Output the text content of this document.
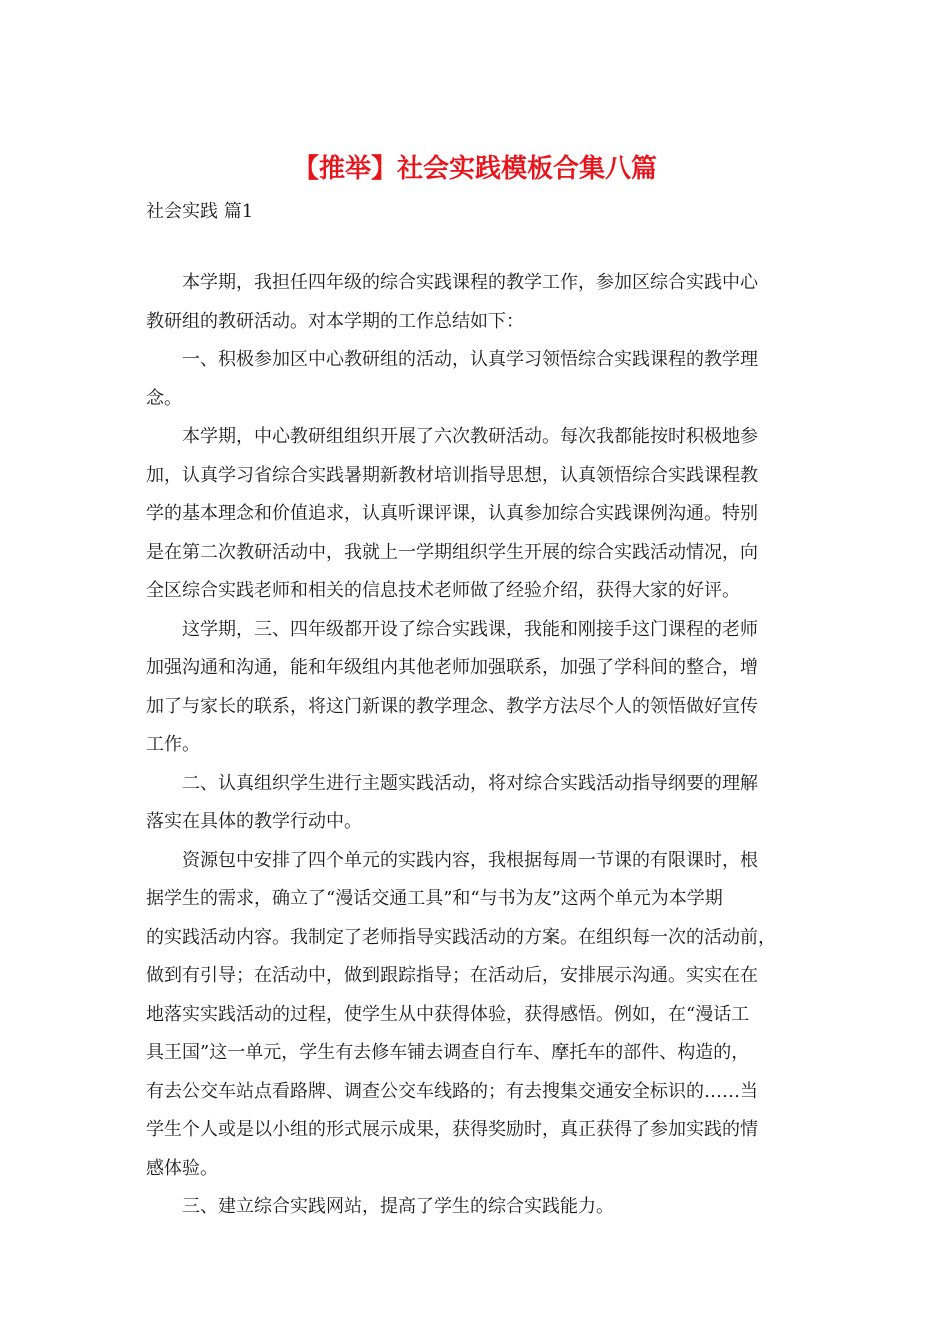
【推举】社会实践模板合集八篇

社会实践 篇1

本学期，我担任四年级的综合实践课程的教学工作，参加区综合实践中心
教研组的教研活动。对本学期的工作总结如下：

一、积极参加区中心教研组的活动，认真学习领悟综合实践课程的教学理
念。

本学期，中心教研组组织开展了六次教研活动。每次我都能按时积极地参
加，认真学习省综合实践暑期新教材培训指导思想，认真领悟综合实践课程教
学的基本理念和价值追求，认真听课评课，认真参加综合实践课例沟通。特别
是在第二次教研活动中，我就上一学期组织学生开展的综合实践活动情况，向
全区综合实践老师和相关的信息技术老师做了经验介绍，获得大家的好评。

这学期，三、四年级都开设了综合实践课，我能和刚接手这门课程的老师
加强沟通和沟通，能和年级组内其他老师加强联系，加强了学科间的整合，增
加了与家长的联系，将这门新课的教学理念、教学方法尽个人的领悟做好宣传
工作。

二、认真组织学生进行主题实践活动，将对综合实践活动指导纲要的理解
落实在具体的教学行动中。

资源包中安排了四个单元的实践内容，我根据每周一节课的有限课时，根
据学生的需求，确立了“漫话交通工具”和“与书为友”这两个单元为本学期
的实践活动内容。我制定了老师指导实践活动的方案。在组织每一次的活动前，
做到有引导；在活动中，做到跟踪指导；在活动后，安排展示沟通。实实在在
地落实实践活动的过程，使学生从中获得体验，获得感悟。例如，在“漫话工
具王国”这一单元，学生有去修车铺去调查自行车、摩托车的部件、构造的，
有去公交车站点看路牌、调查公交车线路的；有去搜集交通安全标识的……当
学生个人或是以小组的形式展示成果，获得奖励时，真正获得了参加实践的情
感体验。

三、建立综合实践网站，提高了学生的综合实践能力。
